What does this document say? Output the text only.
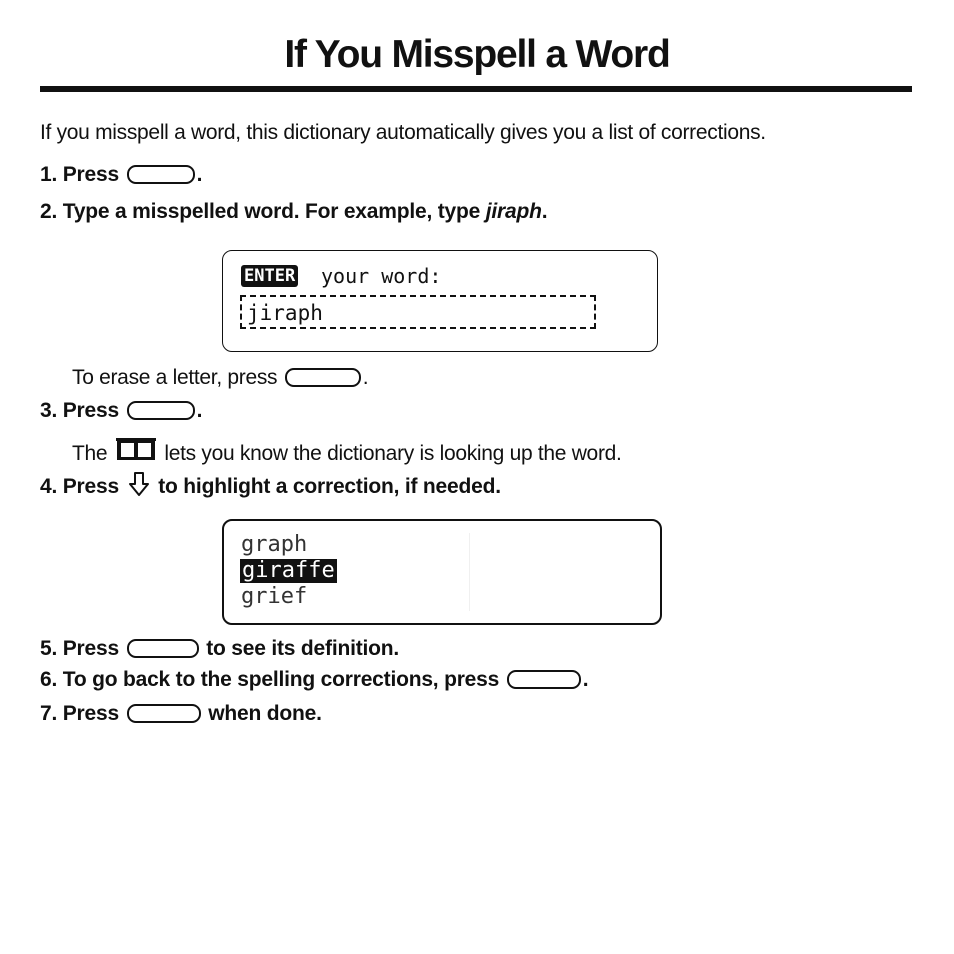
If You Misspell a Word
If you misspell a word, this dictionary automatically gives you a list of corrections.
1. Press	.
2. Type a misspelled word. For example, type jiraph.
ENTER your word:
jiraph
To erase a letter, press	.
3. Press	.
The	lets you know the dictionary is looking up the word.
4. Press to highlight a correction, if needed.
graph
giraffe
grief
5. Press	to see its definition.
6. To go back to the spelling corrections, press	.
7. Press	when done.
